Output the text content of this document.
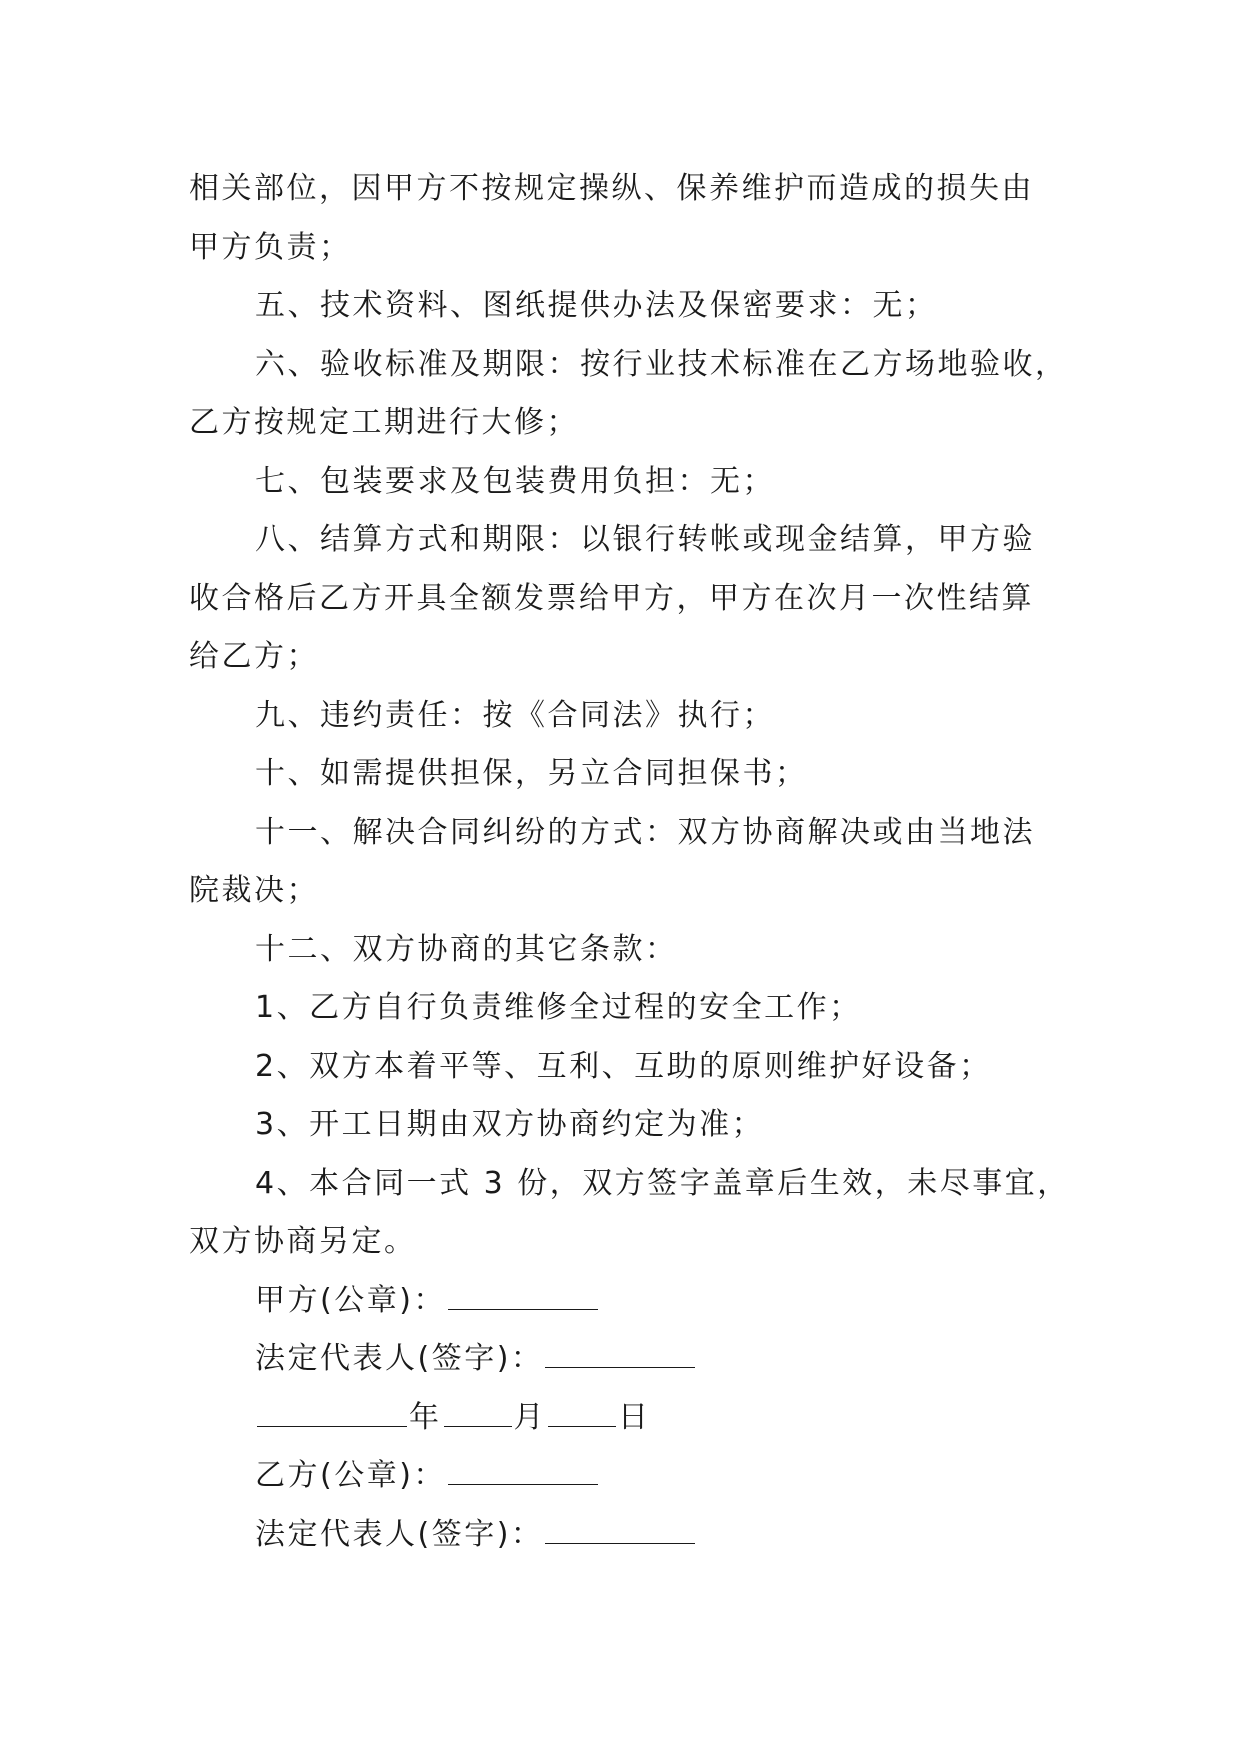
相关部位，因甲方不按规定操纵、保养维护而造成的损失由
甲方负责；
五、技术资料、图纸提供办法及保密要求：无；
六、验收标准及期限：按行业技术标准在乙方场地验收，
乙方按规定工期进行大修；
七、包装要求及包装费用负担：无；
八、结算方式和期限：以银行转帐或现金结算，甲方验
收合格后乙方开具全额发票给甲方，甲方在次月一次性结算
给乙方；
九、违约责任：按《合同法》执行；
十、如需提供担保，另立合同担保书；
十一、解决合同纠纷的方式：双方协商解决或由当地法
院裁决；
十二、双方协商的其它条款：
1、乙方自行负责维修全过程的安全工作；
2、双方本着平等、互利、互助的原则维护好设备；
3、开工日期由双方协商约定为准；
4、本合同一式 3 份，双方签字盖章后生效，未尽事宜，
双方协商另定。
甲方(公章)：
法定代表人(签字)：
年 月 日
乙方(公章)：
法定代表人(签字)：
